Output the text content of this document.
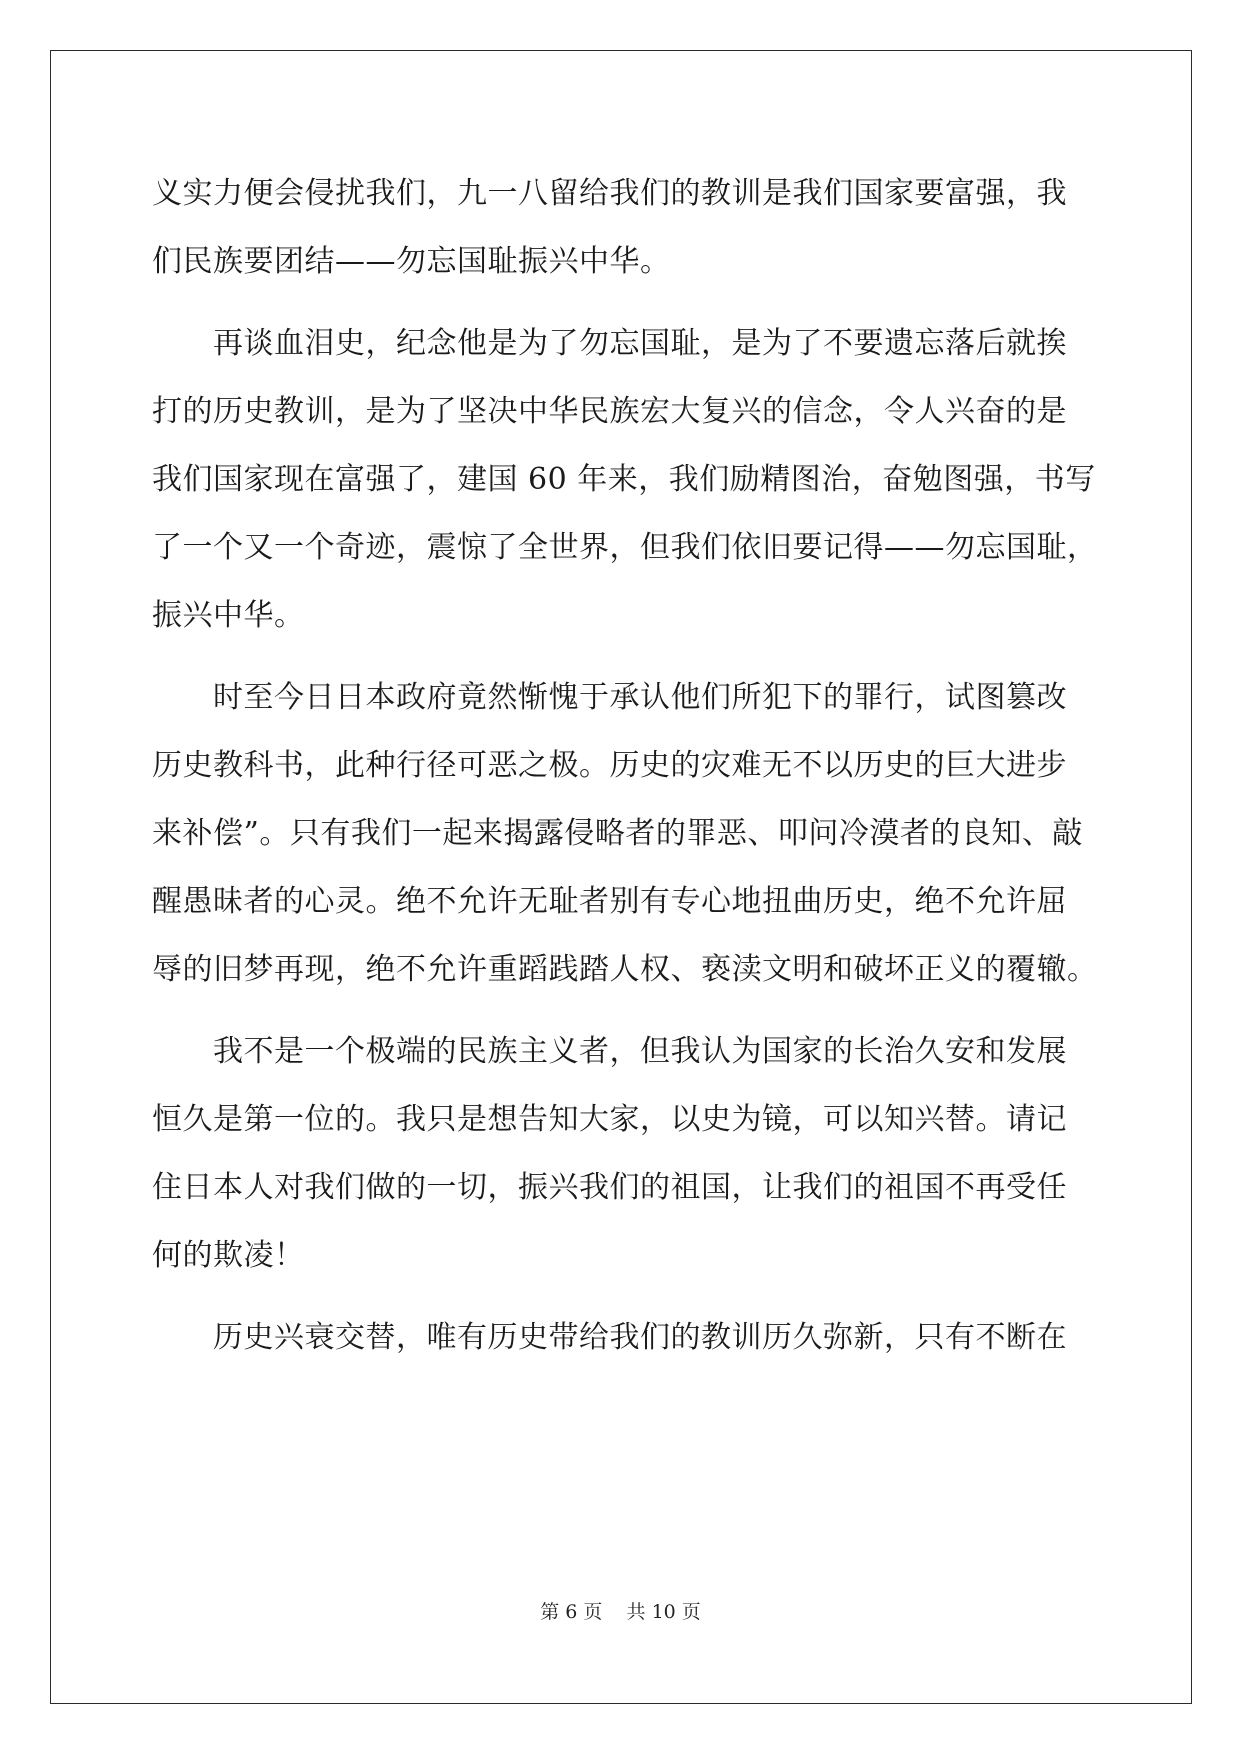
义实力便会侵扰我们，九一八留给我们的教训是我们国家要富强，我
们民族要团结——勿忘国耻振兴中华。
　　再谈血泪史，纪念他是为了勿忘国耻，是为了不要遗忘落后就挨
打的历史教训，是为了坚决中华民族宏大复兴的信念，令人兴奋的是
我们国家现在富强了，建国 60 年来，我们励精图治，奋勉图强，书写
了一个又一个奇迹，震惊了全世界，但我们依旧要记得——勿忘国耻，
振兴中华。
　　时至今日日本政府竟然惭愧于承认他们所犯下的罪行，试图篡改
历史教科书，此种行径可恶之极。历史的灾难无不以历史的巨大进步
来补偿”。只有我们一起来揭露侵略者的罪恶、叩问冷漠者的良知、敲
醒愚昧者的心灵。绝不允许无耻者别有专心地扭曲历史，绝不允许屈
辱的旧梦再现，绝不允许重蹈践踏人权、亵渎文明和破坏正义的覆辙。
　　我不是一个极端的民族主义者，但我认为国家的长治久安和发展
恒久是第一位的。我只是想告知大家，以史为镜，可以知兴替。请记
住日本人对我们做的一切，振兴我们的祖国，让我们的祖国不再受任
何的欺凌！
　　历史兴衰交替，唯有历史带给我们的教训历久弥新，只有不断在
第 6 页 共 10 页
